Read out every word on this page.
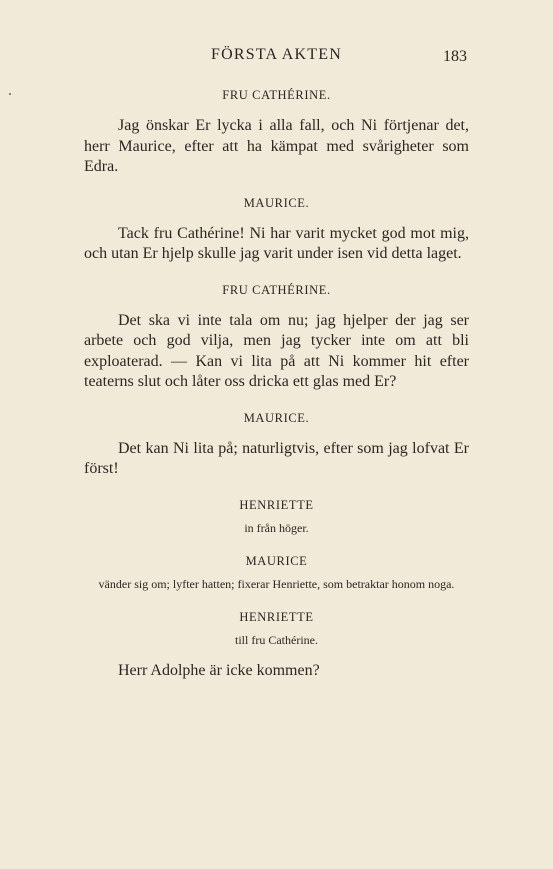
FÖRSTA AKTEN	183

FRU CATHÉRINE.

Jag önskar Er lycka i alla fall, och Ni förtjenar det, herr Maurice, efter att ha kämpat med svårigheter som Edra.

MAURICE.

Tack fru Cathérine! Ni har varit mycket god mot mig, och utan Er hjelp skulle jag varit under isen vid detta laget.

FRU CATHÉRINE.

Det ska vi inte tala om nu; jag hjelper der jag ser arbete och god vilja, men jag tycker inte om att bli exploaterad. — Kan vi lita på att Ni kommer hit efter teaterns slut och låter oss dricka ett glas med Er?

MAURICE.

Det kan Ni lita på; naturligtvis, efter som jag lofvat Er först!

HENRIETTE

in från höger.

MAURICE

vänder sig om; lyfter hatten; fixerar Henriette, som betraktar honom noga.

HENRIETTE

till fru Cathérine.

Herr Adolphe är icke kommen?
